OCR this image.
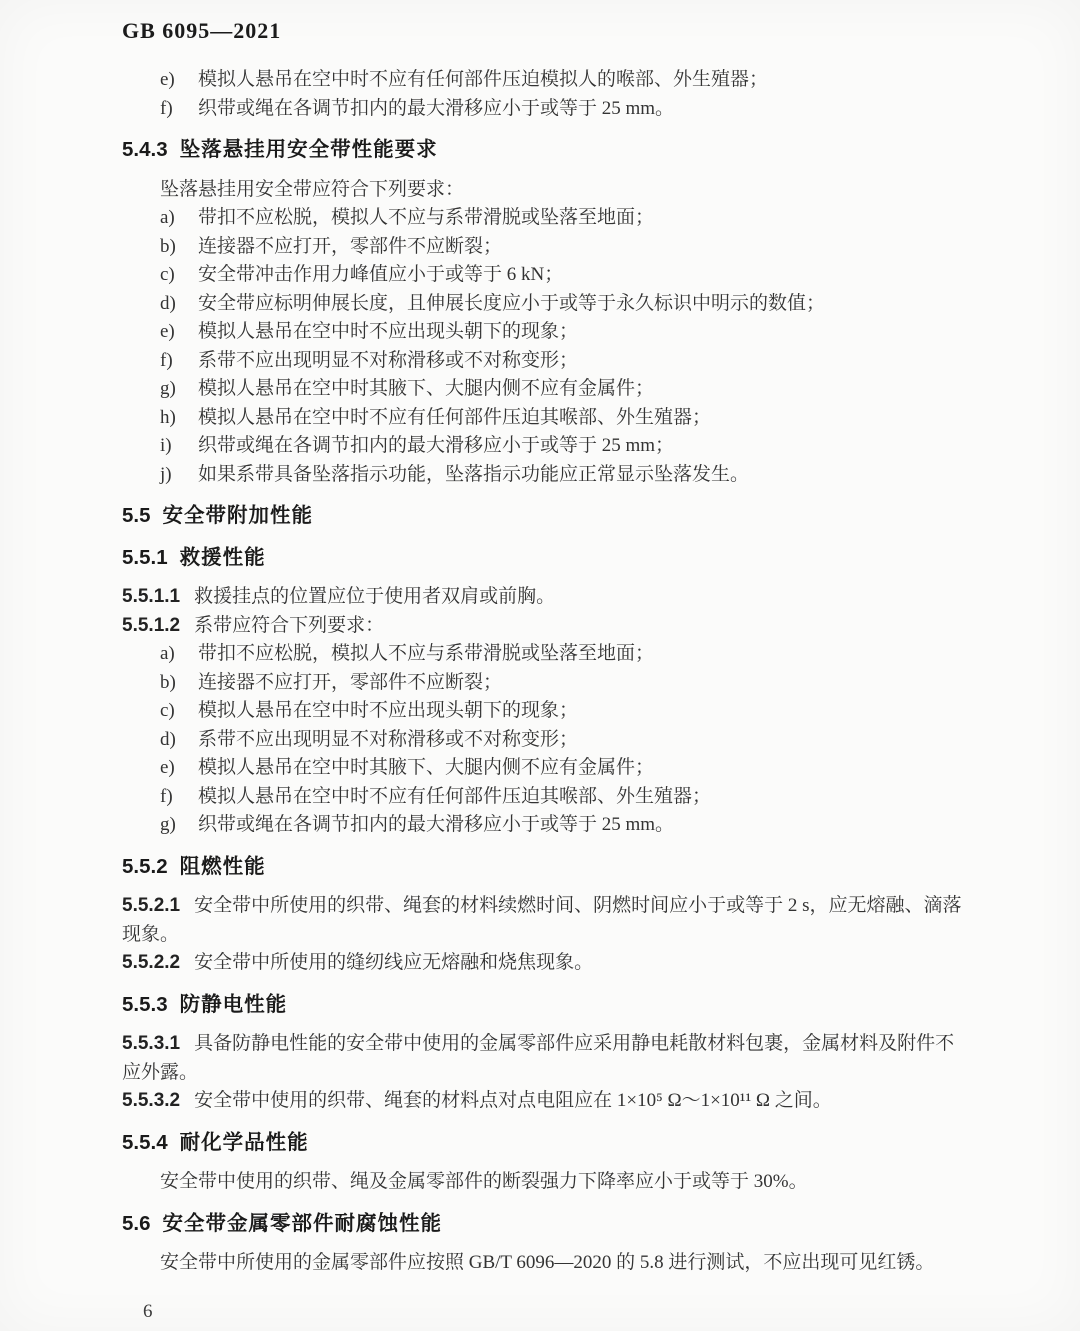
GB 6095—2021
e)	模拟人悬吊在空中时不应有任何部件压迫模拟人的喉部、外生殖器；
f)	织带或绳在各调节扣内的最大滑移应小于或等于 25 mm。
5.4.3 坠落悬挂用安全带性能要求
坠落悬挂用安全带应符合下列要求：
a)	带扣不应松脱，模拟人不应与系带滑脱或坠落至地面；
b)	连接器不应打开，零部件不应断裂；
c)	安全带冲击作用力峰值应小于或等于 6 kN；
d)	安全带应标明伸展长度，且伸展长度应小于或等于永久标识中明示的数值；
e)	模拟人悬吊在空中时不应出现头朝下的现象；
f)	系带不应出现明显不对称滑移或不对称变形；
g)	模拟人悬吊在空中时其腋下、大腿内侧不应有金属件；
h)	模拟人悬吊在空中时不应有任何部件压迫其喉部、外生殖器；
i)	织带或绳在各调节扣内的最大滑移应小于或等于 25 mm；
j)	如果系带具备坠落指示功能，坠落指示功能应正常显示坠落发生。
5.5 安全带附加性能
5.5.1 救援性能
5.5.1.1 救援挂点的位置应位于使用者双肩或前胸。
5.5.1.2 系带应符合下列要求：
a)	带扣不应松脱，模拟人不应与系带滑脱或坠落至地面；
b)	连接器不应打开，零部件不应断裂；
c)	模拟人悬吊在空中时不应出现头朝下的现象；
d)	系带不应出现明显不对称滑移或不对称变形；
e)	模拟人悬吊在空中时其腋下、大腿内侧不应有金属件；
f)	模拟人悬吊在空中时不应有任何部件压迫其喉部、外生殖器；
g)	织带或绳在各调节扣内的最大滑移应小于或等于 25 mm。
5.5.2 阻燃性能
5.5.2.1 安全带中所使用的织带、绳套的材料续燃时间、阴燃时间应小于或等于 2 s，应无熔融、滴落现象。
5.5.2.2 安全带中所使用的缝纫线应无熔融和烧焦现象。
5.5.3 防静电性能
5.5.3.1 具备防静电性能的安全带中使用的金属零部件应采用静电耗散材料包裹，金属材料及附件不应外露。
5.5.3.2 安全带中使用的织带、绳套的材料点对点电阻应在 1×10⁵ Ω～1×10¹¹ Ω 之间。
5.5.4 耐化学品性能
安全带中使用的织带、绳及金属零部件的断裂强力下降率应小于或等于 30%。
5.6 安全带金属零部件耐腐蚀性能
安全带中所使用的金属零部件应按照 GB/T 6096—2020 的 5.8 进行测试，不应出现可见红锈。
6
